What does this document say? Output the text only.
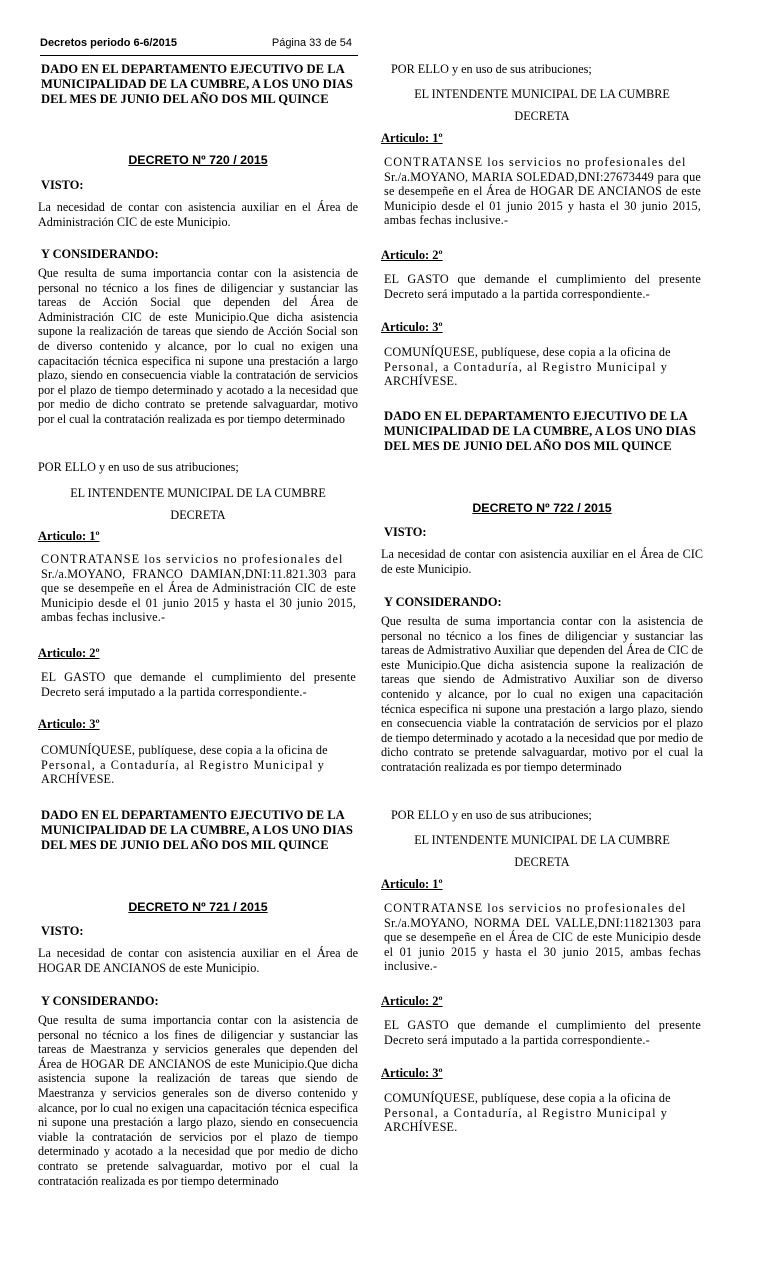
Decretos periodo 6-6/2015	Página 33 de 54
DADO EN EL DEPARTAMENTO EJECUTIVO DE LA MUNICIPALIDAD DE LA CUMBRE, A LOS UNO DIAS DEL MES DE JUNIO DEL AÑO DOS MIL QUINCE
DECRETO Nº 720 / 2015
VISTO:
La necesidad de contar con asistencia auxiliar en el Área de Administración CIC de este Municipio.
Y CONSIDERANDO:
Que resulta de suma importancia contar con la asistencia de personal no técnico a los fines de diligenciar y sustanciar las tareas de Acción Social que dependen del Área de Administración CIC de este Municipio.Que dicha asistencia supone la realización de tareas que siendo de Acción Social son de diverso contenido y alcance, por lo cual no exigen una capacitación técnica especifica ni supone una prestación a largo plazo, siendo en consecuencia viable la contratación de servicios por el plazo de tiempo determinado y acotado a la necesidad que por medio de dicho contrato se pretende salvaguardar, motivo por el cual la contratación realizada es por tiempo determinado
POR ELLO y en uso de sus atribuciones;
EL INTENDENTE MUNICIPAL DE LA CUMBRE
DECRETA
Articulo: 1º
CONTRATANSE los servicios no profesionales del
Sr./a.MOYANO, FRANCO DAMIAN,DNI:11.821.303 para que se desempeñe en el Área de Administración CIC de este Municipio desde el 01 junio 2015 y hasta el 30 junio 2015, ambas fechas inclusive.-
Articulo: 2º
EL GASTO que demande el cumplimiento del presente Decreto será imputado a la partida correspondiente.-
Articulo: 3º
COMUNÍQUESE, publíquese, dese copia a la oficina de
Personal, a Contaduría, al Registro Municipal y
ARCHÍVESE.
DADO EN EL DEPARTAMENTO EJECUTIVO DE LA MUNICIPALIDAD DE LA CUMBRE, A LOS UNO DIAS DEL MES DE JUNIO DEL AÑO DOS MIL QUINCE
DECRETO Nº 721 / 2015
VISTO:
La necesidad de contar con asistencia auxiliar en el Área de HOGAR DE ANCIANOS de este Municipio.
Y CONSIDERANDO:
Que resulta de suma importancia contar con la asistencia de personal no técnico a los fines de diligenciar y sustanciar las tareas de Maestranza y servicios generales que dependen del Área de HOGAR DE ANCIANOS de este Municipio.Que dicha asistencia supone la realización de tareas que siendo de Maestranza y servicios generales son de diverso contenido y alcance, por lo cual no exigen una capacitación técnica especifica ni supone una prestación a largo plazo, siendo en consecuencia viable la contratación de servicios por el plazo de tiempo determinado y acotado a la necesidad que por medio de dicho contrato se pretende salvaguardar, motivo por el cual la contratación realizada es por tiempo determinado
POR ELLO y en uso de sus atribuciones;
EL INTENDENTE MUNICIPAL DE LA CUMBRE
DECRETA
Articulo: 1º
CONTRATANSE los servicios no profesionales del
Sr./a.MOYANO, MARIA SOLEDAD,DNI:27673449 para que se desempeñe en el Área de HOGAR DE ANCIANOS de este Municipio desde el 01 junio 2015 y hasta el 30 junio 2015, ambas fechas inclusive.-
Articulo: 2º
EL GASTO que demande el cumplimiento del presente Decreto será imputado a la partida correspondiente.-
Articulo: 3º
COMUNÍQUESE, publíquese, dese copia a la oficina de
Personal, a Contaduría, al Registro Municipal y
ARCHÍVESE.
DADO EN EL DEPARTAMENTO EJECUTIVO DE LA MUNICIPALIDAD DE LA CUMBRE, A LOS UNO DIAS DEL MES DE JUNIO DEL AÑO DOS MIL QUINCE
DECRETO Nº 722 / 2015
VISTO:
La necesidad de contar con asistencia auxiliar en el Área de CIC de este Municipio.
Y CONSIDERANDO:
Que resulta de suma importancia contar con la asistencia de personal no técnico a los fines de diligenciar y sustanciar las tareas de Admistrativo Auxiliar que dependen del Área de CIC de este Municipio.Que dicha asistencia supone la realización de tareas que siendo de Admistrativo Auxiliar son de diverso contenido y alcance, por lo cual no exigen una capacitación técnica especifica ni supone una prestación a largo plazo, siendo en consecuencia viable la contratación de servicios por el plazo de tiempo determinado y acotado a la necesidad que por medio de dicho contrato se pretende salvaguardar, motivo por el cual la contratación realizada es por tiempo determinado
POR ELLO y en uso de sus atribuciones;
EL INTENDENTE MUNICIPAL DE LA CUMBRE
DECRETA
Articulo: 1º
CONTRATANSE los servicios no profesionales del
Sr./a.MOYANO, NORMA DEL VALLE,DNI:11821303 para que se desempeñe en el Área de CIC de este Municipio desde el 01 junio 2015 y hasta el 30 junio 2015, ambas fechas inclusive.-
Articulo: 2º
EL GASTO que demande el cumplimiento del presente Decreto será imputado a la partida correspondiente.-
Articulo: 3º
COMUNÍQUESE, publíquese, dese copia a la oficina de
Personal, a Contaduría, al Registro Municipal y
ARCHÍVESE.
